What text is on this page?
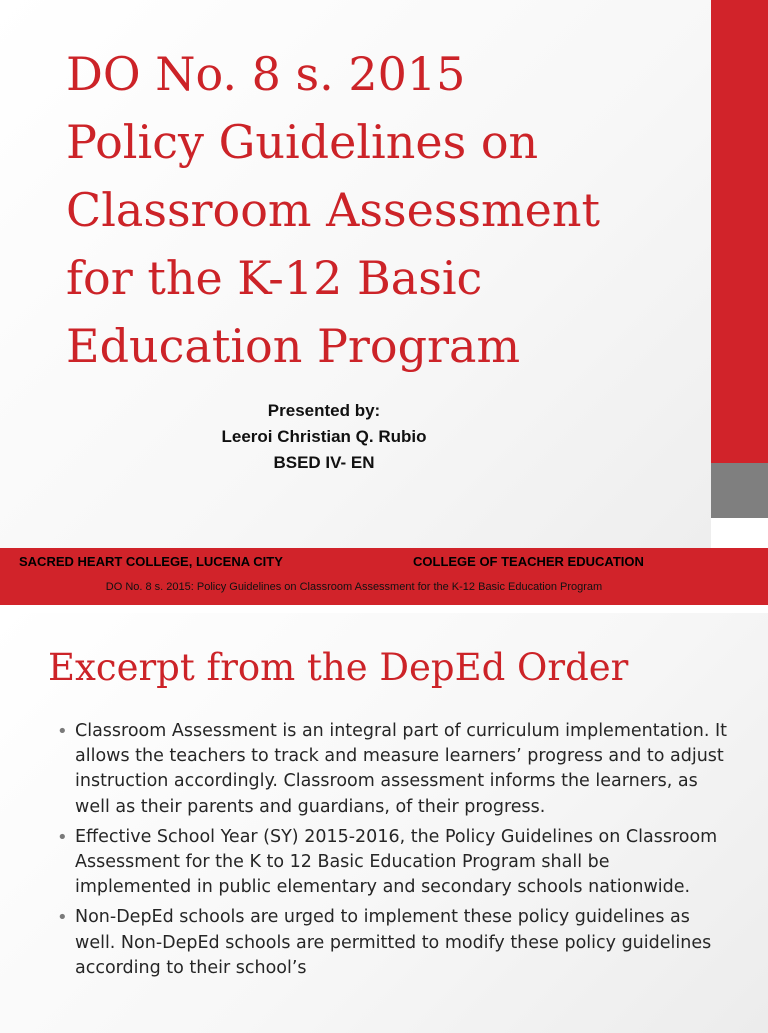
DO No. 8 s. 2015
Policy Guidelines on
Classroom Assessment
for the K-12 Basic
Education Program
Presented by:
Leeroi Christian Q. Rubio
BSED IV- EN
SACRED HEART COLLEGE, LUCENA CITY	COLLEGE OF TEACHER EDUCATION
DO No. 8 s. 2015: Policy Guidelines on Classroom Assessment for the K-12 Basic Education Program
Excerpt from the DepEd Order
• Classroom Assessment is an integral part of curriculum implementation. It allows the teachers to track and measure learners’ progress and to adjust instruction accordingly. Classroom assessment informs the learners, as well as their parents and guardians, of their progress.
• Effective School Year (SY) 2015-2016, the Policy Guidelines on Classroom Assessment for the K to 12 Basic Education Program shall be implemented in public elementary and secondary schools nationwide.
• Non-DepEd schools are urged to implement these policy guidelines as well. Non-DepEd schools are permitted to modify these policy guidelines according to their school’s
